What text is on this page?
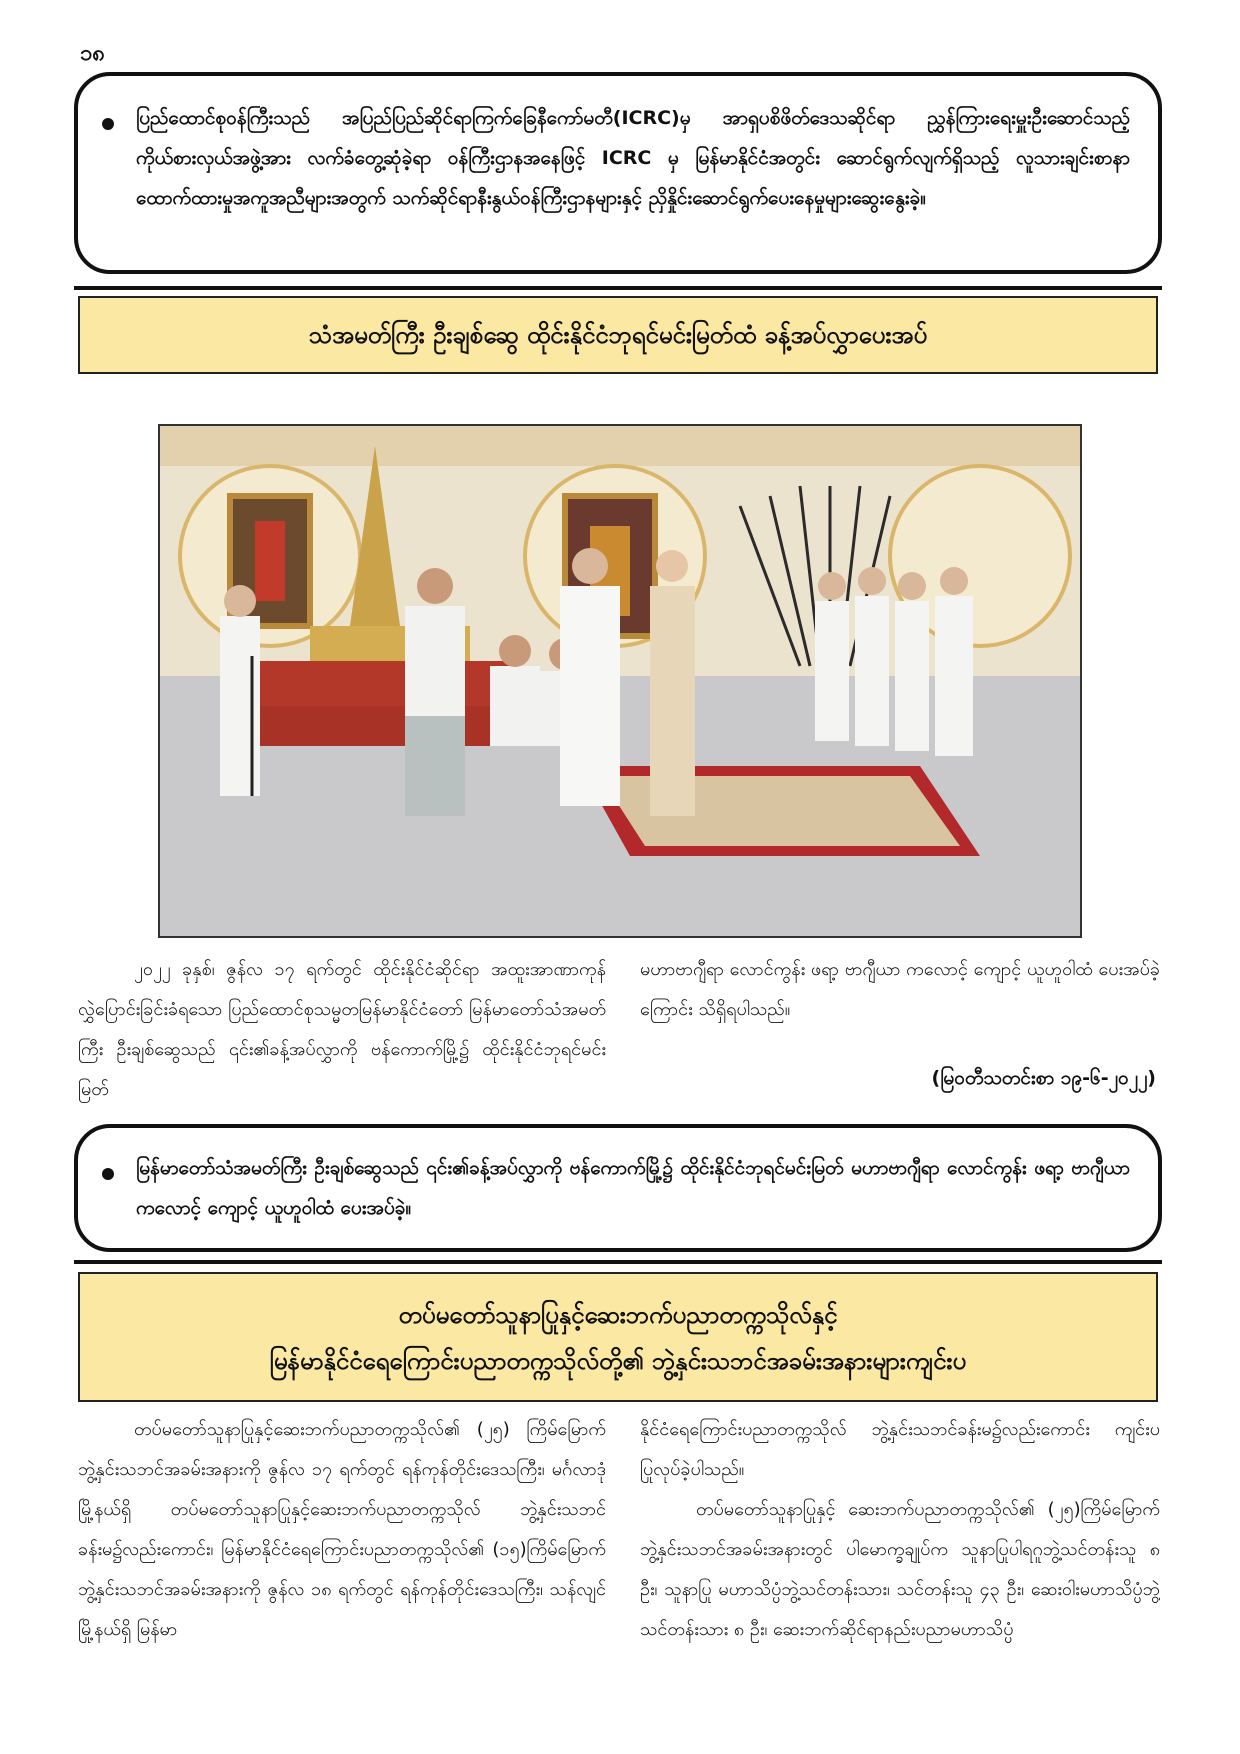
၁၈

ပြည်ထောင်စုဝန်ကြီးသည် အပြည်ပြည်ဆိုင်ရာကြက်ခြေနီကော်မတီ(ICRC)မှ အာရှပစိဖိတ်ဒေသဆိုင်ရာ ညွှန်ကြားရေးမှူးဦးဆောင်သည့်ကိုယ်စားလှယ်အဖွဲ့အား လက်ခံတွေ့ဆုံခဲ့ရာ ဝန်ကြီးဌာနအနေဖြင့် ICRC မှ မြန်မာနိုင်ငံအတွင်း ဆောင်ရွက်လျက်ရှိသည့် လူသားချင်းစာနာထောက်ထားမှုအကူအညီများအတွက် သက်ဆိုင်ရာနီးနွယ်ဝန်ကြီးဌာနများနှင့် ညှိနှိုင်းဆောင်ရွက်ပေးနေမှုများဆွေးနွေးခဲ့။

သံအမတ်ကြီး ဦးချစ်ဆွေ ထိုင်းနိုင်ငံဘုရင်မင်းမြတ်ထံ ခန့်အပ်လွှာပေးအပ်

၂၀၂၂ ခုနှစ်၊ ဇွန်လ ၁၇ ရက်တွင် ထိုင်းနိုင်ငံဆိုင်ရာ အထူးအာဏာကုန်လွှဲပြောင်းခြင်းခံရသော ပြည်ထောင်စုသမ္မတမြန်မာနိုင်ငံတော် မြန်မာတော်သံအမတ်ကြီး ဦးချစ်ဆွေသည် ၎င်း၏ခန့်အပ်လွှာကို ဗန်ကောက်မြို့၌ ထိုင်းနိုင်ငံဘုရင်မင်းမြတ်

မဟာဗာဂျီရာ လောင်ကွန်း ဖရာ့ ဗာဂျီယာ ကလောင့် ကျောင့် ယူဟူဝါထံ ပေးအပ်ခဲ့ကြောင်း သိရှိရပါသည်။

(မြဝတီသတင်းစာ ၁၉-၆-၂၀၂၂)

မြန်မာတော်သံအမတ်ကြီး ဦးချစ်ဆွေသည် ၎င်း၏ခန့်အပ်လွှာကို ဗန်ကောက်မြို့၌ ထိုင်းနိုင်ငံဘုရင်မင်းမြတ် မဟာဗာဂျီရာ လောင်ကွန်း ဖရာ့ ဗာဂျီယာ ကလောင့် ကျောင့် ယူဟူဝါထံ ပေးအပ်ခဲ့။

တပ်မတော်သူနာပြုနှင့်ဆေးဘက်ပညာတက္ကသိုလ်နှင့်
မြန်မာနိုင်ငံရေကြောင်းပညာတက္ကသိုလ်တို့၏ ဘွဲ့နှင်းသဘင်အခမ်းအနားများကျင်းပ

တပ်မတော်သူနာပြုနှင့်ဆေးဘက်ပညာတက္ကသိုလ်၏ (၂၅) ကြိမ်မြောက် ဘွဲ့နှင်းသဘင်အခမ်းအနားကို ဇွန်လ ၁၇ ရက်တွင် ရန်ကုန်တိုင်းဒေသကြီး၊ မင်္ဂလာဒုံမြို့နယ်ရှိ တပ်မတော်သူနာပြုနှင့်ဆေးဘက်ပညာတက္ကသိုလ် ဘွဲ့နှင်းသဘင်ခန်းမ၌လည်းကောင်း၊ မြန်မာနိုင်ငံရေကြောင်းပညာတက္ကသိုလ်၏ (၁၅)ကြိမ်မြောက် ဘွဲ့နှင်းသဘင်အခမ်းအနားကို ဇွန်လ ၁၈ ရက်တွင် ရန်ကုန်တိုင်းဒေသကြီး၊ သန်လျင်မြို့နယ်ရှိ မြန်မာ

နိုင်ငံရေကြောင်းပညာတက္ကသိုလ် ဘွဲ့နှင်းသဘင်ခန်းမ၌လည်းကောင်း ကျင်းပပြုလုပ်ခဲ့ပါသည်။

တပ်မတော်သူနာပြုနှင့် ဆေးဘက်ပညာတက္ကသိုလ်၏ (၂၅)ကြိမ်မြောက် ဘွဲ့နှင်းသဘင်အခမ်းအနားတွင် ပါမောက္ခချုပ်က သူနာပြုပါရဂူဘွဲ့သင်တန်းသူ ၈ ဦး၊ သူနာပြု မဟာသိပ္ပံဘွဲ့သင်တန်းသား၊ သင်တန်းသူ ၄၃ ဦး၊ ဆေးဝါးမဟာသိပ္ပံဘွဲ့သင်တန်းသား ၈ ဦး၊ ဆေးဘက်ဆိုင်ရာနည်းပညာမဟာသိပ္ပံ
